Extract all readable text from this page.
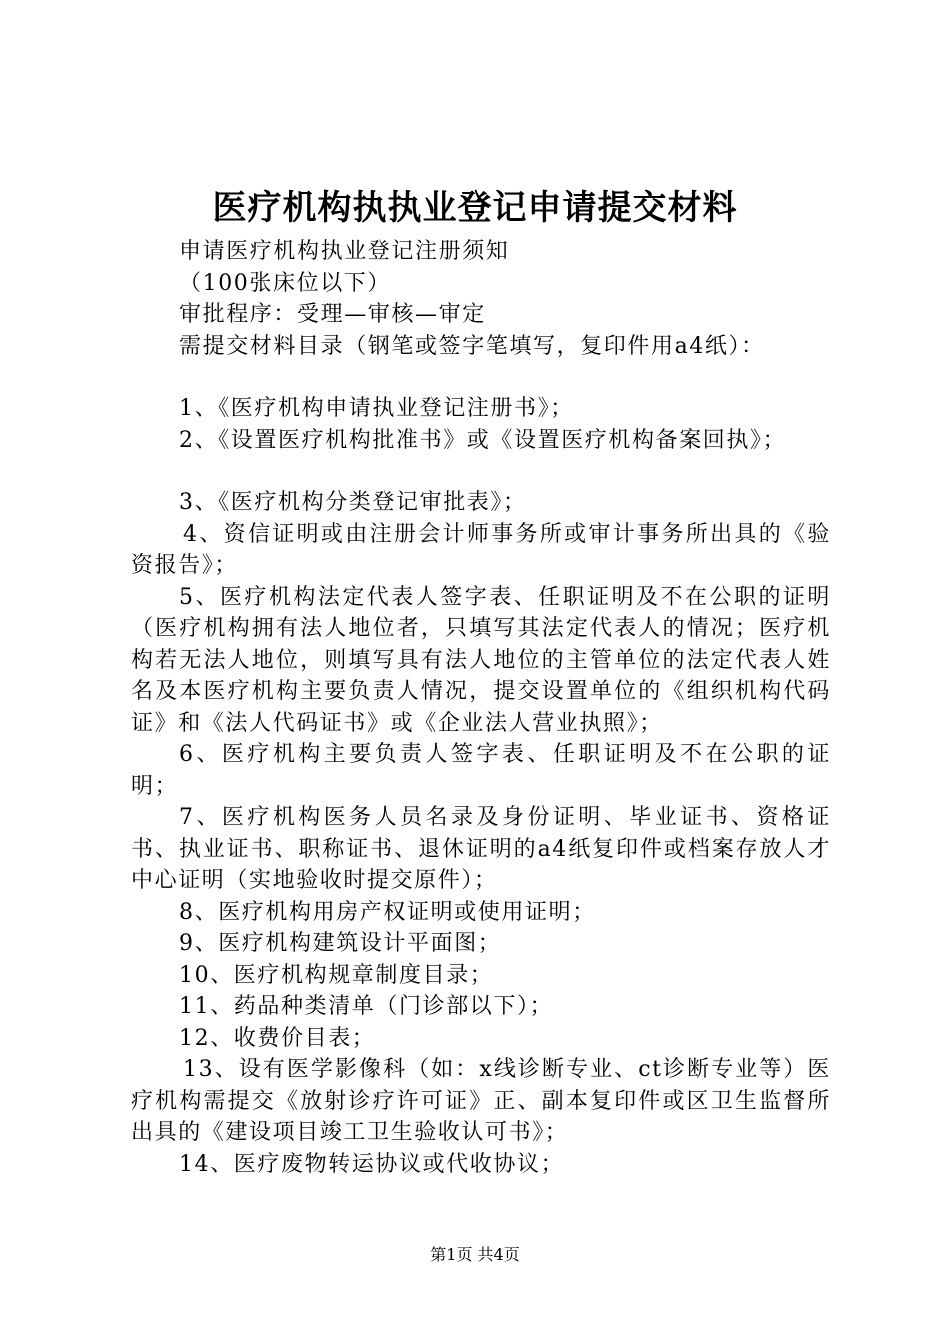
医疗机构执执业登记申请提交材料
申请医疗机构执业登记注册须知
（100张床位以下）
审批程序：受理—审核—审定
需提交材料目录（钢笔或签字笔填写，复印件用a4纸）：
1、《医疗机构申请执业登记注册书》；
2、《设置医疗机构批准书》或《设置医疗机构备案回执》；
3、《医疗机构分类登记审批表》；
4、资信证明或由注册会计师事务所或审计事务所出具的《验资报告》；
5、医疗机构法定代表人签字表、任职证明及不在公职的证明（医疗机构拥有法人地位者，只填写其法定代表人的情况；医疗机构若无法人地位，则填写具有法人地位的主管单位的法定代表人姓名及本医疗机构主要负责人情况，提交设置单位的《组织机构代码证》和《法人代码证书》或《企业法人营业执照》；
6、医疗机构主要负责人签字表、任职证明及不在公职的证明；
7、医疗机构医务人员名录及身份证明、毕业证书、资格证书、执业证书、职称证书、退休证明的a4纸复印件或档案存放人才中心证明（实地验收时提交原件）；
8、医疗机构用房产权证明或使用证明；
9、医疗机构建筑设计平面图；
10、医疗机构规章制度目录；
11、药品种类清单（门诊部以下）；
12、收费价目表；
13、设有医学影像科（如：x线诊断专业、ct诊断专业等）医疗机构需提交《放射诊疗许可证》正、副本复印件或区卫生监督所出具的《建设项目竣工卫生验收认可书》；
14、医疗废物转运协议或代收协议；
第1页 共4页
